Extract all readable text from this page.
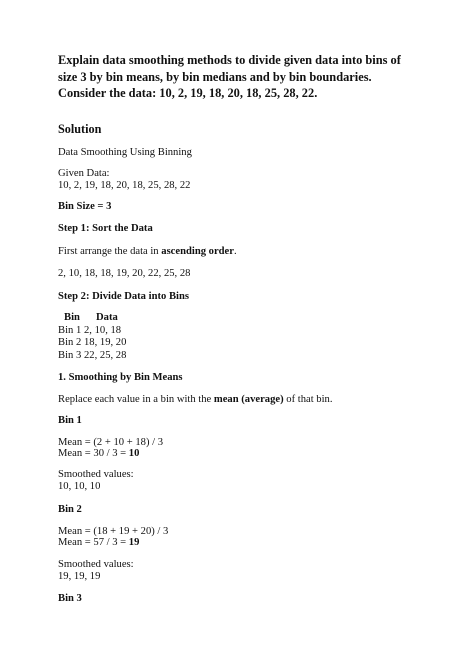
Explain data smoothing methods to divide given data into bins of size 3 by bin means, by bin medians and by bin boundaries. Consider the data: 10, 2, 19, 18, 20, 18, 25, 28, 22.

Solution

Data Smoothing Using Binning

Given Data:

10, 2, 19, 18, 20, 18, 25, 28, 22

Bin Size = 3

Step 1: Sort the Data

First arrange the data in ascending order.

2, 10, 18, 18, 19, 20, 22, 25, 28

Step 2: Divide Data into Bins

Bin	Data
Bin 1 2, 10, 18
Bin 2 18, 19, 20
Bin 3 22, 25, 28

1. Smoothing by Bin Means

Replace each value in a bin with the mean (average) of that bin.

Bin 1

Mean = (2 + 10 + 18) / 3

Mean = 30 / 3 = 10

Smoothed values:

10, 10, 10

Bin 2

Mean = (18 + 19 + 20) / 3

Mean = 57 / 3 = 19

Smoothed values:

19, 19, 19

Bin 3
